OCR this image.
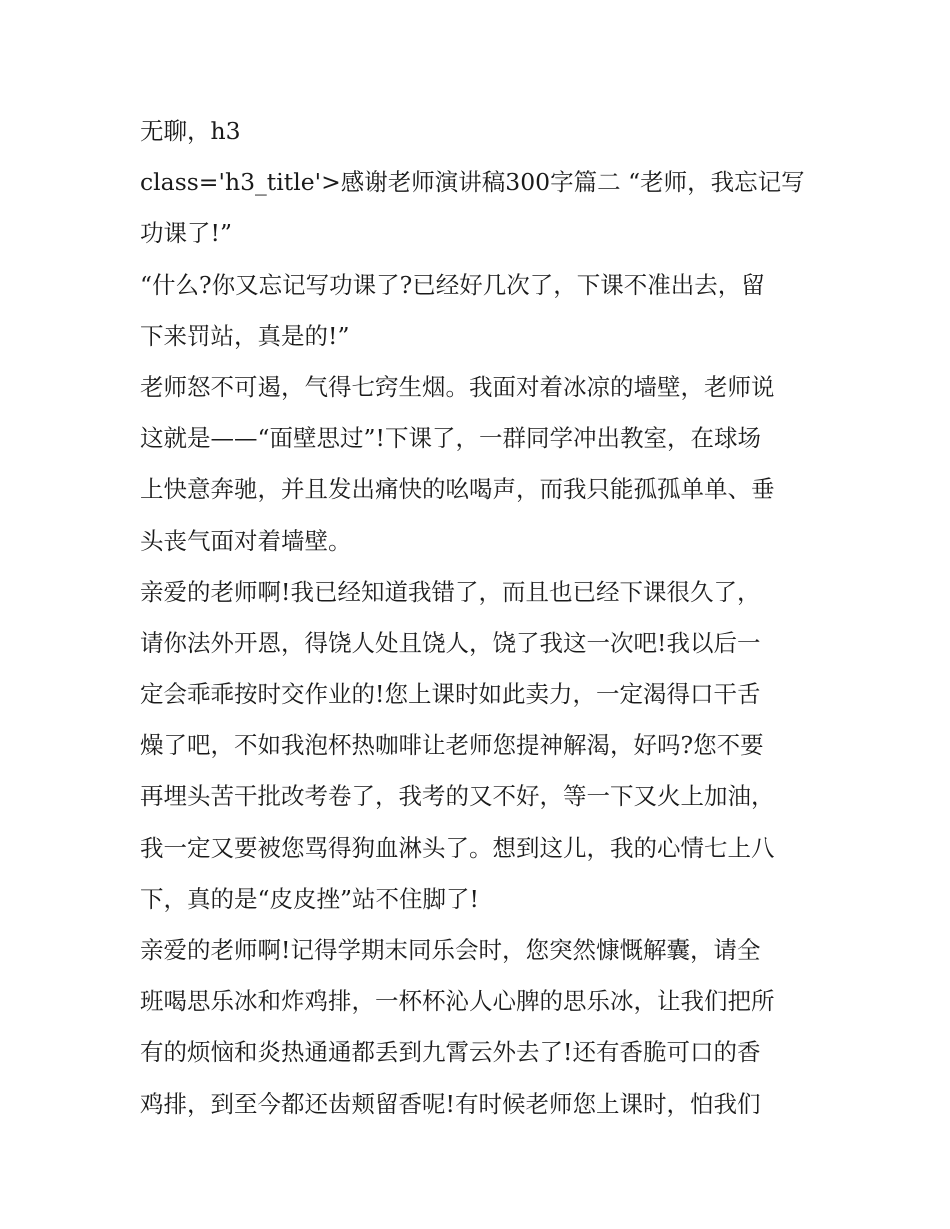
无聊，h3
class='h3_title'>感谢老师演讲稿300字篇二 “老师，我忘记写
功课了!”
“什么?你又忘记写功课了?已经好几次了，下课不准出去，留
下来罚站，真是的!”
老师怒不可遏，气得七窍生烟。我面对着冰凉的墙壁，老师说
这就是——“面壁思过”!下课了，一群同学冲出教室，在球场
上快意奔驰，并且发出痛快的吆喝声，而我只能孤孤单单、垂
头丧气面对着墙壁。
亲爱的老师啊!我已经知道我错了，而且也已经下课很久了，
请你法外开恩，得饶人处且饶人，饶了我这一次吧!我以后一
定会乖乖按时交作业的!您上课时如此卖力，一定渴得口干舌
燥了吧，不如我泡杯热咖啡让老师您提神解渴，好吗?您不要
再埋头苦干批改考卷了，我考的又不好，等一下又火上加油，
我一定又要被您骂得狗血淋头了。想到这儿，我的心情七上八
下，真的是“皮皮挫”站不住脚了!
亲爱的老师啊!记得学期末同乐会时，您突然慷慨解囊，请全
班喝思乐冰和炸鸡排，一杯杯沁人心脾的思乐冰，让我们把所
有的烦恼和炎热通通都丢到九霄云外去了!还有香脆可口的香
鸡排，到至今都还齿颊留香呢!有时候老师您上课时，怕我们
